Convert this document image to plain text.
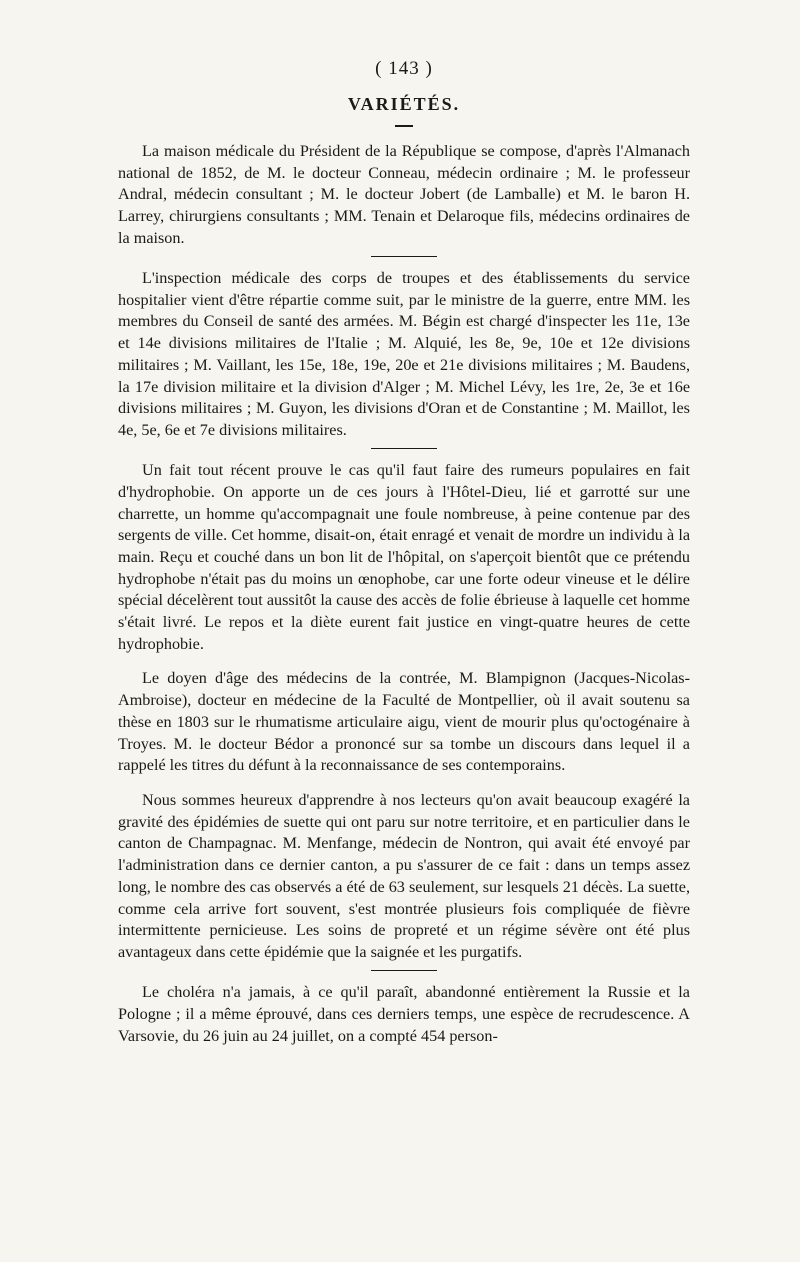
( 143 )
VARIÉTÉS.

La maison médicale du Président de la République se compose, d'après l'Almanach national de 1852, de M. le docteur Conneau, médecin ordinaire ; M. le professeur Andral, médecin consultant ; M. le docteur Jobert (de Lamballe) et M. le baron H. Larrey, chirurgiens consultants ; MM. Tenain et Delaroque fils, médecins ordinaires de la maison.

L'inspection médicale des corps de troupes et des établissements du service hospitalier vient d'être répartie comme suit, par le ministre de la guerre, entre MM. les membres du Conseil de santé des armées. M. Bégin est chargé d'inspecter les 11e, 13e et 14e divisions militaires de l'Italie ; M. Alquié, les 8e, 9e, 10e et 12e divisions militaires ; M. Vaillant, les 15e, 18e, 19e, 20e et 21e divisions militaires ; M. Baudens, la 17e division militaire et la division d'Alger ; M. Michel Lévy, les 1re, 2e, 3e et 16e divisions militaires ; M. Guyon, les divisions d'Oran et de Constantine ; M. Maillot, les 4e, 5e, 6e et 7e divisions militaires.

Un fait tout récent prouve le cas qu'il faut faire des rumeurs populaires en fait d'hydrophobie. On apporte un de ces jours à l'Hôtel-Dieu, lié et garrotté sur une charrette, un homme qu'accompagnait une foule nombreuse, à peine contenue par des sergents de ville. Cet homme, disait-on, était enragé et venait de mordre un individu à la main. Reçu et couché dans un bon lit de l'hôpital, on s'aperçoit bientôt que ce prétendu hydrophobe n'était pas du moins un œnophobe, car une forte odeur vineuse et le délire spécial décelèrent tout aussitôt la cause des accès de folie ébrieuse à laquelle cet homme s'était livré. Le repos et la diète eurent fait justice en vingt-quatre heures de cette hydrophobie.

Le doyen d'âge des médecins de la contrée, M. Blampignon (Jacques-Nicolas-Ambroise), docteur en médecine de la Faculté de Montpellier, où il avait soutenu sa thèse en 1803 sur le rhumatisme articulaire aigu, vient de mourir plus qu'octogénaire à Troyes. M. le docteur Bédor a prononcé sur sa tombe un discours dans lequel il a rappelé les titres du défunt à la reconnaissance de ses contemporains.

Nous sommes heureux d'apprendre à nos lecteurs qu'on avait beaucoup exagéré la gravité des épidémies de suette qui ont paru sur notre territoire, et en particulier dans le canton de Champagnac. M. Menfange, médecin de Nontron, qui avait été envoyé par l'administration dans ce dernier canton, a pu s'assurer de ce fait : dans un temps assez long, le nombre des cas observés a été de 63 seulement, sur lesquels 21 décès. La suette, comme cela arrive fort souvent, s'est montrée plusieurs fois compliquée de fièvre intermittente pernicieuse. Les soins de propreté et un régime sévère ont été plus avantageux dans cette épidémie que la saignée et les purgatifs.

Le choléra n'a jamais, à ce qu'il paraît, abandonné entièrement la Russie et la Pologne ; il a même éprouvé, dans ces derniers temps, une espèce de recrudescence. A Varsovie, du 26 juin au 24 juillet, on a compté 454 person-
